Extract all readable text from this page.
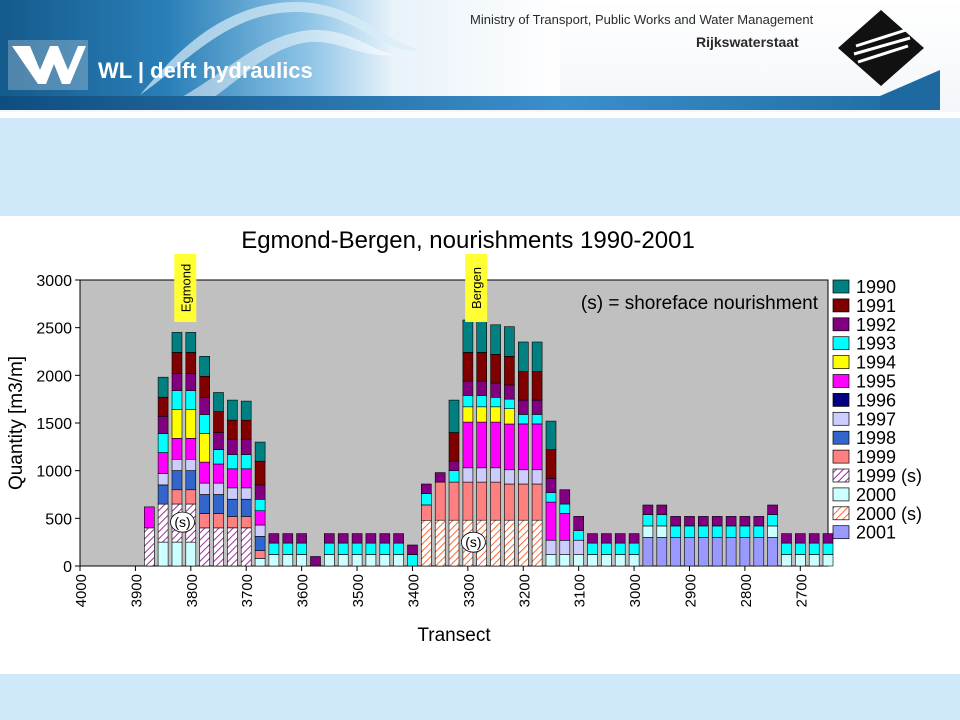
WL | delft hydraulics
Ministry of Transport, Public Works and Water Management
Rijkswaterstaat
Egmond-Bergen, nourishments 1990-2001
0
500
1000
1500
2000
2500
3000
4000	3900	3800	3700	3600	3500	3400	3300	3200	3100	3000	2900	2800	2700
Quantity [m3/m]
Transect
(s) = shoreface nourishment
Egmond	Bergen
(s)
(s)
1990
1991
1992
1993
1994
1995
1996
1997
1998
1999
1999 (s)
2000
2000 (s)
2001
